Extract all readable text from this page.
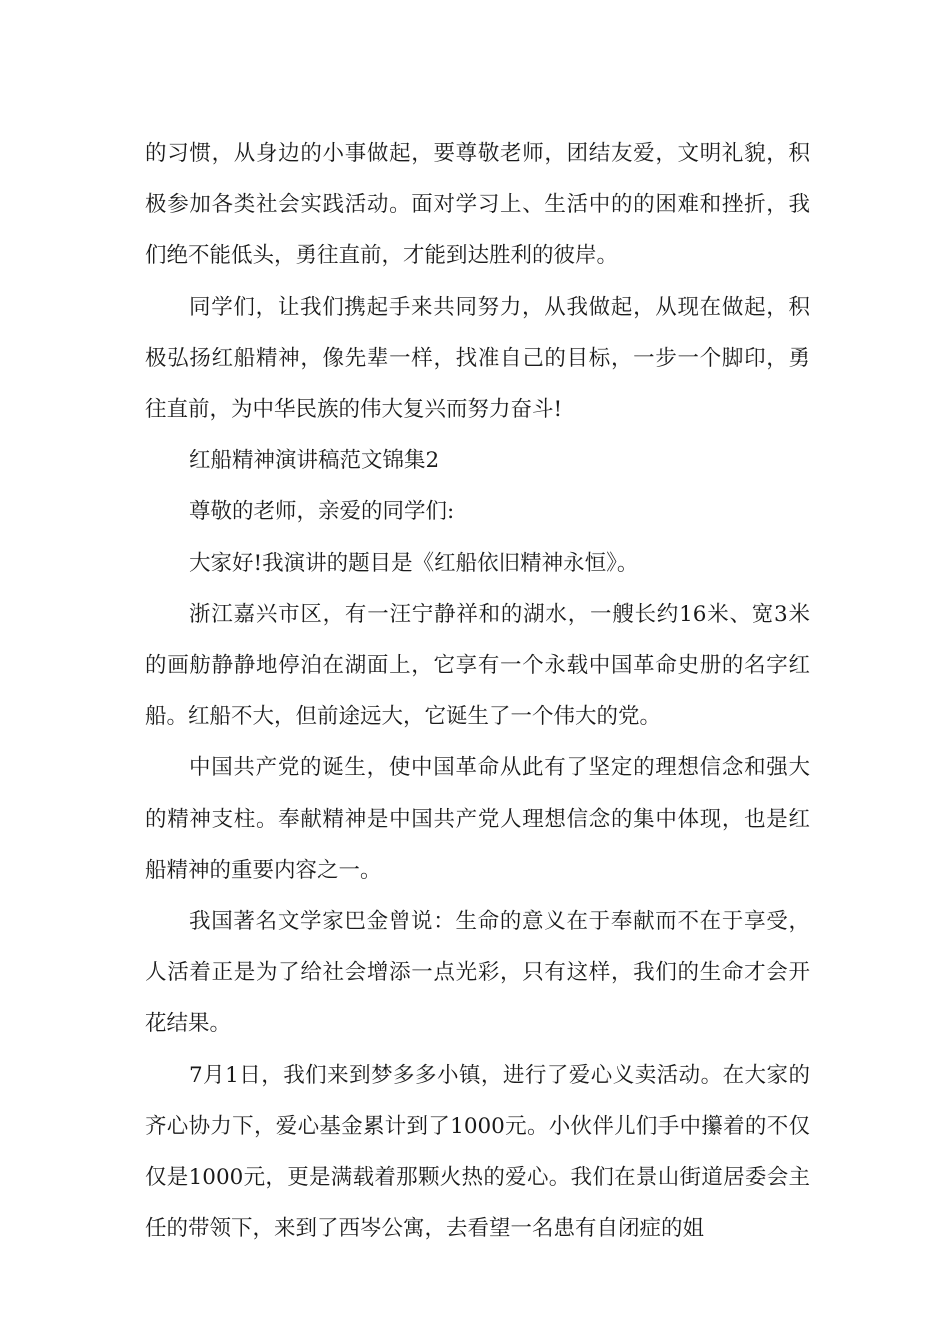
的习惯，从身边的小事做起，要尊敬老师，团结友爱，文明礼貌，积极参加各类社会实践活动。面对学习上、生活中的的困难和挫折，我们绝不能低头，勇往直前，才能到达胜利的彼岸。

同学们，让我们携起手来共同努力，从我做起，从现在做起，积极弘扬红船精神，像先辈一样，找准自己的目标，一步一个脚印，勇往直前，为中华民族的伟大复兴而努力奋斗!

红船精神演讲稿范文锦集2

尊敬的老师，亲爱的同学们:

大家好!我演讲的题目是《红船依旧精神永恒》。

浙江嘉兴市区，有一汪宁静祥和的湖水，一艘长约16米、宽3米的画舫静静地停泊在湖面上，它享有一个永载中国革命史册的名字红船。红船不大，但前途远大，它诞生了一个伟大的党。

中国共产党的诞生，使中国革命从此有了坚定的理想信念和强大的精神支柱。奉献精神是中国共产党人理想信念的集中体现，也是红船精神的重要内容之一。

我国著名文学家巴金曾说：生命的意义在于奉献而不在于享受，人活着正是为了给社会增添一点光彩，只有这样，我们的生命才会开花结果。

7月1日，我们来到梦多多小镇，进行了爱心义卖活动。在大家的齐心协力下，爱心基金累计到了1000元。小伙伴儿们手中攥着的不仅仅是1000元，更是满载着那颗火热的爱心。我们在景山街道居委会主任的带领下，来到了西岑公寓，去看望一名患有自闭症的姐
